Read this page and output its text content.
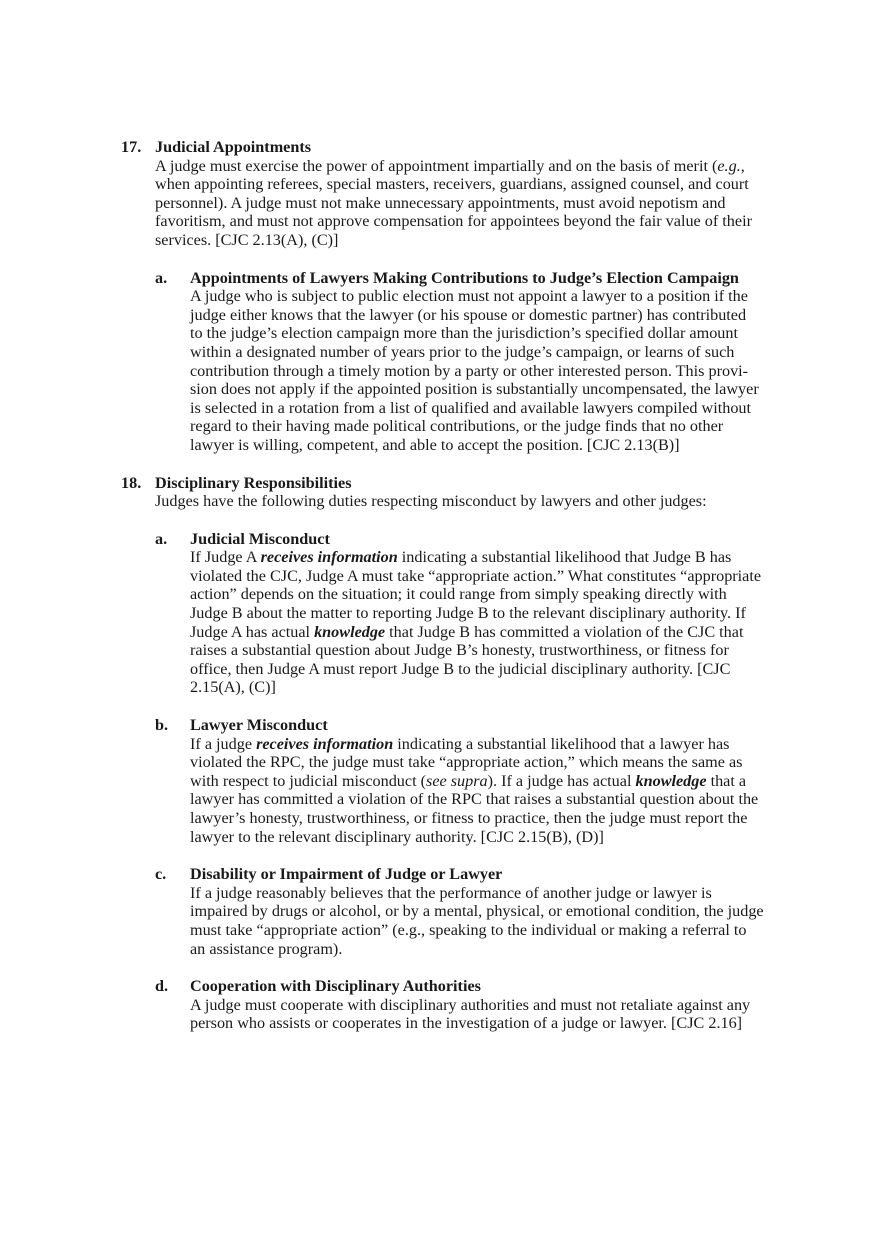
17. Judicial Appointments
A judge must exercise the power of appointment impartially and on the basis of merit (e.g.,
when appointing referees, special masters, receivers, guardians, assigned counsel, and court
personnel). A judge must not make unnecessary appointments, must avoid nepotism and
favoritism, and must not approve compensation for appointees beyond the fair value of their
services. [CJC 2.13(A), (C)]
a.	Appointments of Lawyers Making Contributions to Judge’s Election Campaign
A judge who is subject to public election must not appoint a lawyer to a position if the
judge either knows that the lawyer (or his spouse or domestic partner) has contributed
to the judge’s election campaign more than the jurisdiction’s specified dollar amount
within a designated number of years prior to the judge’s campaign, or learns of such
contribution through a timely motion by a party or other interested person. This provi-
sion does not apply if the appointed position is substantially uncompensated, the lawyer
is selected in a rotation from a list of qualified and available lawyers compiled without
regard to their having made political contributions, or the judge finds that no other
lawyer is willing, competent, and able to accept the position. [CJC 2.13(B)]
18. Disciplinary Responsibilities
Judges have the following duties respecting misconduct by lawyers and other judges:
a.	Judicial Misconduct
If Judge A receives information indicating a substantial likelihood that Judge B has
violated the CJC, Judge A must take “appropriate action.” What constitutes “appropriate
action” depends on the situation; it could range from simply speaking directly with
Judge B about the matter to reporting Judge B to the relevant disciplinary authority. If
Judge A has actual knowledge that Judge B has committed a violation of the CJC that
raises a substantial question about Judge B’s honesty, trustworthiness, or fitness for
office, then Judge A must report Judge B to the judicial disciplinary authority. [CJC
2.15(A), (C)]
b.	Lawyer Misconduct
If a judge receives information indicating a substantial likelihood that a lawyer has
violated the RPC, the judge must take “appropriate action,” which means the same as
with respect to judicial misconduct (see supra). If a judge has actual knowledge that a
lawyer has committed a violation of the RPC that raises a substantial question about the
lawyer’s honesty, trustworthiness, or fitness to practice, then the judge must report the
lawyer to the relevant disciplinary authority. [CJC 2.15(B), (D)]
c.	Disability or Impairment of Judge or Lawyer
If a judge reasonably believes that the performance of another judge or lawyer is
impaired by drugs or alcohol, or by a mental, physical, or emotional condition, the judge
must take “appropriate action” (e.g., speaking to the individual or making a referral to
an assistance program).
d.	Cooperation with Disciplinary Authorities
A judge must cooperate with disciplinary authorities and must not retaliate against any
person who assists or cooperates in the investigation of a judge or lawyer. [CJC 2.16]
